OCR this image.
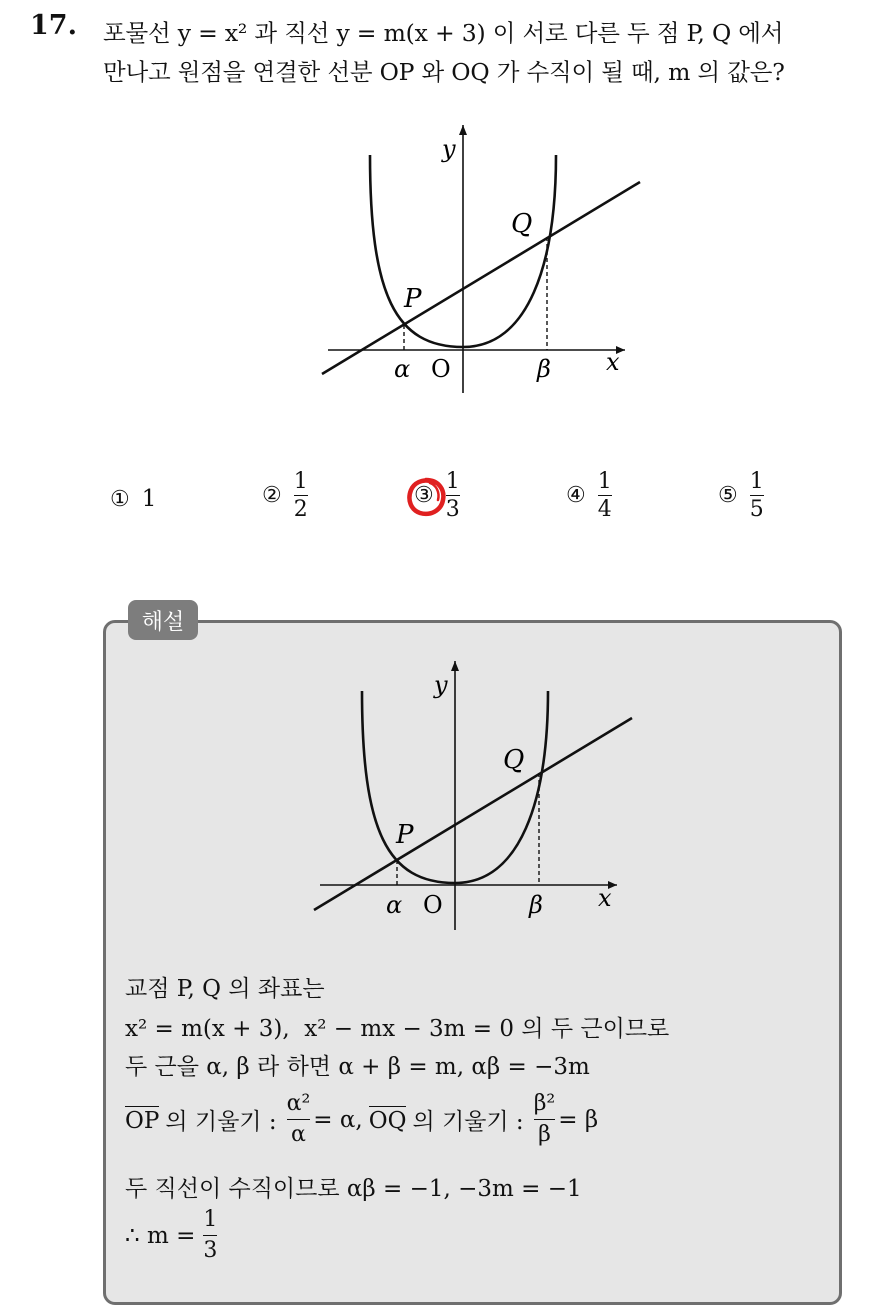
17. 포물선 y = x² 과 직선 y = m(x + 3) 이 서로 다른 두 점 P, Q 에서
만나고 원점을 연결한 선분 OP 와 OQ 가 수직이 될 때, m 의 값은?
y
x
O
P
Q
α	β
① 1	② $\frac{1}{2}$	③ $\frac{1}{3}$	④ $\frac{1}{4}$	⑤ $\frac{1}{5}$
해설
y
x
O
P
Q
α	β
교점 P, Q 의 좌표는
x² = m(x + 3), x² − mx − 3m = 0 의 두 근이므로
두 근을 α, β 라 하면 α + β = m, αβ = −3m
OP 의 기울기 :
α²
α
= α, OQ 의 기울기 :
β²
β
= β
두 직선이 수직이므로 αβ = −1, −3m = −1
∴ m =
1
3
